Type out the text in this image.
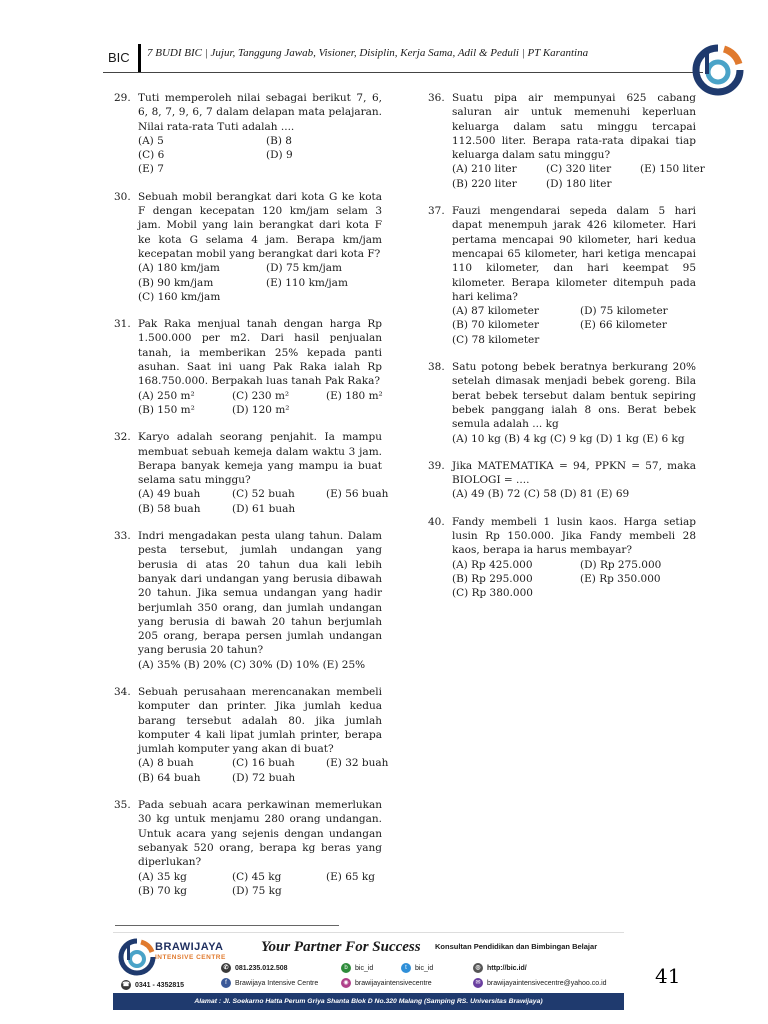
BIC 7 BUDI BIC | Jujur, Tanggung Jawab, Visioner, Disiplin, Kerja Sama, Adil & Peduli | PT Karantina
29. Tuti memperoleh nilai sebagai berikut 7, 6, 6, 8, 7, 9, 6, 7 dalam delapan mata pelajaran. Nilai rata-rata Tuti adalah ....
(A) 5	(B) 8
(C) 6	(D) 9
(E) 7
30. Sebuah mobil berangkat dari kota G ke kota F dengan kecepatan 120 km/jam selam 3 jam. Mobil yang lain berangkat dari kota F ke kota G selama 4 jam. Berapa km/jam kecepatan mobil yang berangkat dari kota F?
(A) 180 km/jam	(D) 75 km/jam
(B) 90 km/jam	(E) 110 km/jam
(C) 160 km/jam
31. Pak Raka menjual tanah dengan harga Rp 1.500.000 per m2. Dari hasil penjualan tanah, ia memberikan 25% kepada panti asuhan. Saat ini uang Pak Raka ialah Rp 168.750.000. Berpakah luas tanah Pak Raka?
(A) 250 m²	(C) 230 m²	(E) 180 m²
(B) 150 m²	(D) 120 m²
32. Karyo adalah seorang penjahit. Ia mampu membuat sebuah kemeja dalam waktu 3 jam. Berapa banyak kemeja yang mampu ia buat selama satu minggu?
(A) 49 buah	(C) 52 buah	(E) 56 buah
(B) 58 buah	(D) 61 buah
33. Indri mengadakan pesta ulang tahun. Dalam pesta tersebut, jumlah undangan yang berusia di atas 20 tahun dua kali lebih banyak dari undangan yang berusia dibawah 20 tahun. Jika semua undangan yang hadir berjumlah 350 orang, dan jumlah undangan yang berusia di bawah 20 tahun berjumlah 205 orang, berapa persen jumlah undangan yang berusia 20 tahun?
(A) 35% (B) 20% (C) 30% (D) 10% (E) 25%
34. Sebuah perusahaan merencanakan membeli komputer dan printer. Jika jumlah kedua barang tersebut adalah 80. jika jumlah komputer 4 kali lipat jumlah printer, berapa jumlah komputer yang akan di buat?
(A) 8 buah	(C) 16 buah	(E) 32 buah
(B) 64 buah	(D) 72 buah
35. Pada sebuah acara perkawinan memerlukan 30 kg untuk menjamu 280 orang undangan. Untuk acara yang sejenis dengan undangan sebanyak 520 orang, berapa kg beras yang diperlukan?
(A) 35 kg	(C) 45 kg	(E) 65 kg
(B) 70 kg	(D) 75 kg
36. Suatu pipa air mempunyai 625 cabang saluran air untuk memenuhi keperluan keluarga dalam satu minggu tercapai 112.500 liter. Berapa rata-rata dipakai tiap keluarga dalam satu minggu?
(A) 210 liter	(C) 320 liter	(E) 150 liter
(B) 220 liter	(D) 180 liter
37. Fauzi mengendarai sepeda dalam 5 hari dapat menempuh jarak 426 kilometer. Hari pertama mencapai 90 kilometer, hari kedua mencapai 65 kilometer, hari ketiga mencapai 110 kilometer, dan hari keempat 95 kilometer. Berapa kilometer ditempuh pada hari kelima?
(A) 87 kilometer	(D) 75 kilometer
(B) 70 kilometer	(E) 66 kilometer
(C) 78 kilometer
38. Satu potong bebek beratnya berkurang 20% setelah dimasak menjadi bebek goreng. Bila berat bebek tersebut dalam bentuk sepiring bebek panggang ialah 8 ons. Berat bebek semula adalah ... kg
(A) 10 kg (B) 4 kg (C) 9 kg (D) 1 kg (E) 6 kg
39. Jika MATEMATIKA = 94, PPKN = 57, maka BIOLOGI = ....
(A) 49 (B) 72 (C) 58 (D) 81 (E) 69
40. Fandy membeli 1 lusin kaos. Harga setiap lusin Rp 150.000. Jika Fandy membeli 28 kaos, berapa ia harus membayar?
(A) Rp 425.000	(D) Rp 275.000
(B) Rp 295.000	(E) Rp 350.000
(C) Rp 380.000
BRAWIJAYA
INTENSIVE CENTRE
Your Partner For Success Konsultan Pendidikan dan Bimbingan Belajar
✆ 081.235.012.508	b	bic_id	t	bic_id	◎ http://bic.id/
☎ 0341 - 4352815	f	Brawijaya Intensive Centre	◉ brawijayaintensivecentre	✉ brawijayaintensivecentre@yahoo.co.id
Alamat : Jl. Soekarno Hatta Perum Griya Shanta Blok D No.320 Malang (Samping RS. Universitas Brawijaya)
41
